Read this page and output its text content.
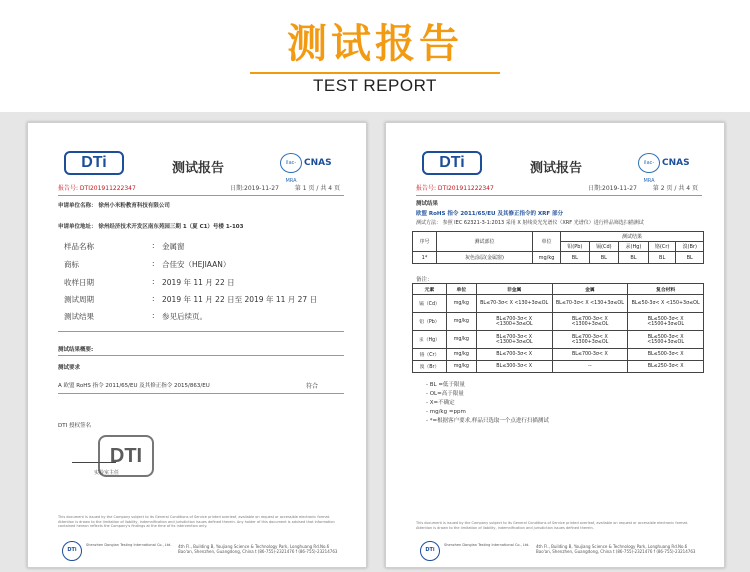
测试报告
TEST REPORT
DTi	测试报告	ilac-MRA
CNAS
报告号: DTI201911222347	日期:2019-11-27	第 1 页 / 共 4 页
申请单位名称： 徐州小米粉教育科技有限公司
申请单位地址： 徐州经济技术开发区南东苑园三期 1（夏 C1）号楼 1-103
样品名称	: 金属窗
商标	: 合佳安（HEJIAAN）
收样日期	: 2019 年 11 月 22 日
测试周期	: 2019 年 11 月 22 日至 2019 年 11 月 27 日
测试结果	: 参见后续页。
测试结果概要:
测试要求
A 欧盟 RoHS 指令 2011/65/EU 及其修正指令 2015/863/EU	符合
DTI 授权签名
DTI
实验室主任
This document is issued by the Company subject to its General Conditions of Service printed overleaf, available on request or accessible electronic format. Attention is drawn to the limitation of liability, indemnification and jurisdiction issues defined therein. Any holder of this document is advised that information contained hereon reflects the Company's findings at the time of its intervention only.
DTi
Shenzhen Dongian Testing International Co., Ltd. 4th Fl., Building B, Youjiang Science & Technology Park, Longhuang Rd.No.6 Bao'an, Shenzhen, Guangdong, China t (86-755)-2321476 f (86-755)-23214763
DTi	测试报告	ilac-MRA
CNAS
报告号: DTI201911222347	日期:2019-11-27	第 2 页 / 共 4 页
测试结果
欧盟 RoHS 指令 2011/65/EU 及其修正指令的 XRF 部分
测试方法： 参照 IEC 62321-3-1:2013 采用 X 射线荧光光谱仪（XRF 光谱仪）进行样品筛选扫描测试
序号	测试部位	单位	测试结果				
			铅(Pb)	镉(Cd)	汞(Hg)	铬(Cr)	溴(Br)
1*	灰色涂层(金属窗)	mg/kg	BL	BL	BL	BL	BL
备注：
元素	单位	非金属	金属	复合材料
镉（Cd）	mg/kg	BL≤70-3σ< X <130+3σ≤OL	BL≤70-3σ< X <130+3σ≤OL	BL≤50-3σ< X <150+3σ≤OL
铅（Pb）	mg/kg	BL≤700-3σ< X <1300+3σ≤OL	BL≤700-3σ< X <1300+3σ≤OL	BL≤500-3σ< X <1500+3σ≤OL
汞（Hg）	mg/kg	BL≤700-3σ< X <1300+3σ≤OL	BL≤700-3σ< X <1300+3σ≤OL	BL≤500-3σ< X <1500+3σ≤OL
铬（Cr）	mg/kg	BL≤700-3σ< X	BL≤700-3σ< X	BL≤500-3σ< X
溴（Br）	mg/kg	BL≤300-3σ< X	--	BL≤250-3σ< X
- BL =低于限量
- OL=高于限量
- X=不确定
- mg/kg =ppm
- *=根据客户要求,样品只选取一个点进行扫描测试
This document is issued by the Company subject to its General Conditions of Service printed overleaf, available on request or accessible electronic format. Attention is drawn to the limitation of liability, indemnification and jurisdiction issues defined therein.
DTi
Shenzhen Dongian Testing International Co., Ltd. 4th Fl., Building B, Youjiang Science & Technology Park, Longhuang Rd.No.6 Bao'an, Shenzhen, Guangdong, China t (86-755)-2321476 f (86-755)-23214763
